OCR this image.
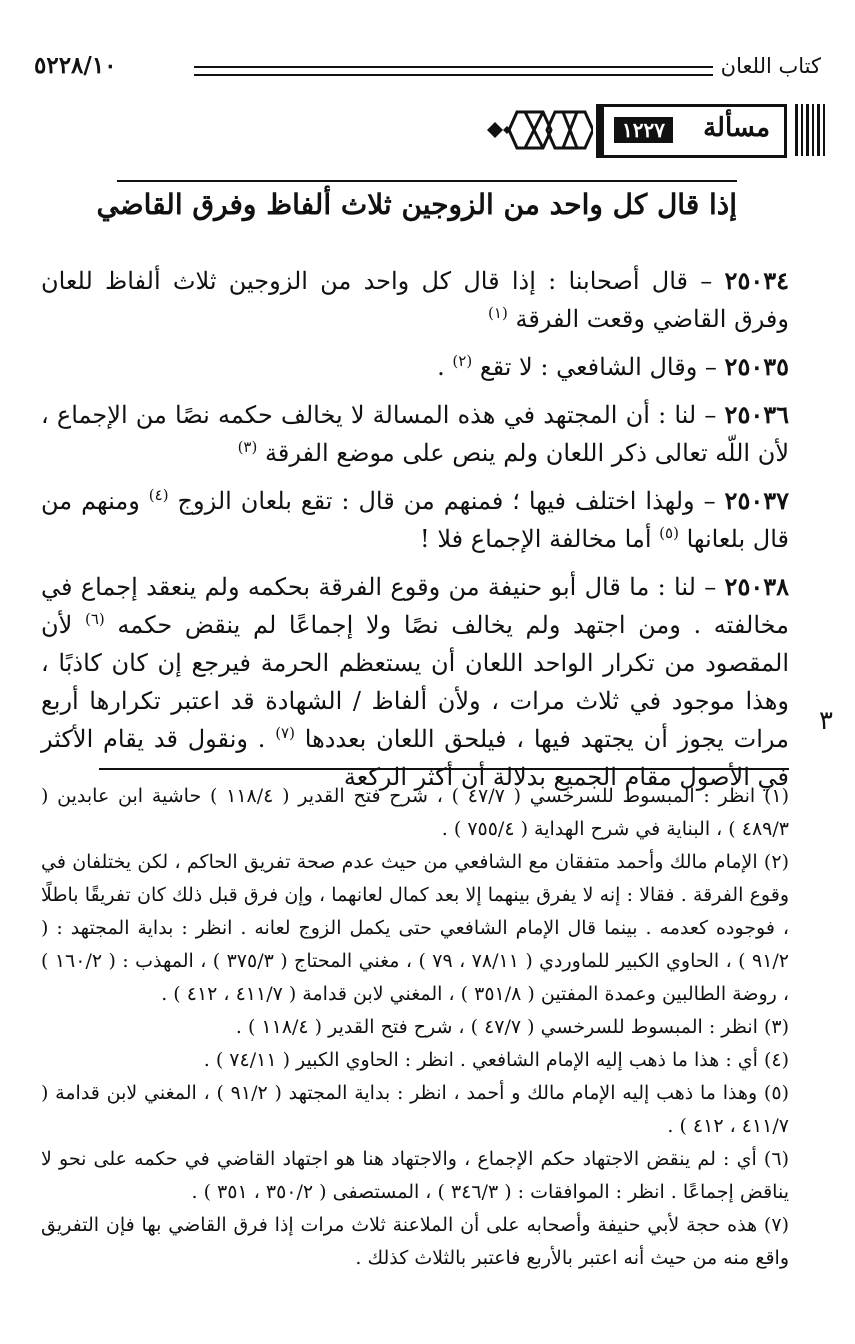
كتاب اللعان
٥٢٢٨/١٠
مسألة
١٢٢٧
إذا قال كل واحد من الزوجين ثلاث ألفاظ وفرق القاضي

٢٥٠٣٤ – قال أصحابنا : إذا قال كل واحد من الزوجين ثلاث ألفاظ للعان وفرق القاضي وقعت الفرقة $^{(١)}$

٢٥٠٣٥ – وقال الشافعي : لا تقع $^{(٢)}$ .

٢٥٠٣٦ – لنا : أن المجتهد في هذه المسالة لا يخالف حكمه نصًا من الإجماع ، لأن اللّه تعالى ذكر اللعان ولم ينص على موضع الفرقة $^{(٣)}$

٢٥٠٣٧ – ولهذا اختلف فيها ؛ فمنهم من قال : تقع بلعان الزوج $^{(٤)}$ ومنهم من قال بلعانها $^{(٥)}$ أما مخالفة الإجماع فلا !

٢٥٠٣٨ – لنا : ما قال أبو حنيفة من وقوع الفرقة بحكمه ولم ينعقد إجماع في مخالفته . ومن اجتهد ولم يخالف نصًا ولا إجماعًا لم ينقض حكمه $^{(٦)}$ لأن المقصود من تكرار الواحد اللعان أن يستعظم الحرمة فيرجع إن كان كاذبًا ، وهذا موجود في ثلاث مرات ، ولأن ألفاظ / الشهادة قد اعتبر تكرارها أربع مرات يجوز أن يجتهد فيها ، فيلحق اللعان بعددها $^{(٧)}$ . ونقول قد يقام الأكثر في الأصول مقام الجميع بدلالة أن أكثر الركعة

٣

(١) انظر : المبسوط للسرخسي ( ٤٧/٧ ) ، شرح فتح القدير ( ١١٨/٤ ) حاشية ابن عابدين ( ٤٨٩/٣ ) ، البناية في شرح الهداية ( ٧٥٥/٤ ) .

(٢) الإمام مالك وأحمد متفقان مع الشافعي من حيث عدم صحة تفريق الحاكم ، لكن يختلفان في وقوع الفرقة . فقالا : إنه لا يفرق بينهما إلا بعد كمال لعانهما ، وإن فرق قبل ذلك كان تفريقًا باطلًا ، فوجوده كعدمه . بينما قال الإمام الشافعي حتى يكمل الزوج لعانه . انظر : بداية المجتهد : ( ٩١/٢ ) ، الحاوي الكبير للماوردي ( ٧٨/١١ ، ٧٩ ) ، مغني المحتاج ( ٣٧٥/٣ ) ، المهذب : ( ١٦٠/٢ ) ، روضة الطالبين وعمدة المفتين ( ٣٥١/٨ ) ، المغني لابن قدامة ( ٤١١/٧ ، ٤١٢ ) .

(٣) انظر : المبسوط للسرخسي ( ٤٧/٧ ) ، شرح فتح القدير ( ١١٨/٤ ) .

(٤) أي : هذا ما ذهب إليه الإمام الشافعي . انظر : الحاوي الكبير ( ٧٤/١١ ) .

(٥) وهذا ما ذهب إليه الإمام مالك و أحمد ، انظر : بداية المجتهد ( ٩١/٢ ) ، المغني لابن قدامة ( ٤١١/٧ ، ٤١٢ ) .

(٦) أي : لم ينقض الاجتهاد حكم الإجماع ، والاجتهاد هنا هو اجتهاد القاضي في حكمه على نحو لا يناقض إجماعًا . انظر : الموافقات : ( ٣٤٦/٣ ) ، المستصفى ( ٣٥٠/٢ ، ٣٥١ ) .

(٧) هذه حجة لأبي حنيفة وأصحابه على أن الملاعنة ثلاث مرات إذا فرق القاضي بها فإن التفريق واقع منه من حيث أنه اعتبر بالأربع فاعتبر بالثلاث كذلك .
